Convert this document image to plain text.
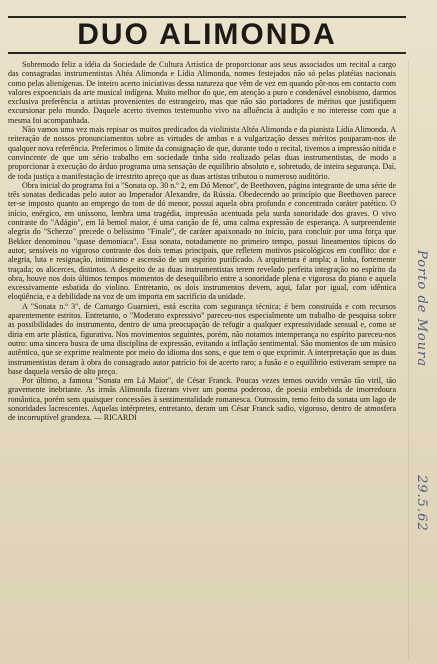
DUO ALIMONDA

Sobremodo feliz a idéia da Sociedade de Cultura Artística de proporcionar aos seus associados um recital a cargo das consagradas instrumentistas Altéa Alimonda e Lídia Alimonda, nomes festejados não só pelas platéias nacionais como pelas alienígenas. De inteiro acerto iniciativas dessa natureza que vêm de vez em quando pôr-nos em contacto com valores expoenciais da arte musical indígena. Muito melhor do que, em atenção a puro e condenável esnobismo, darmos exclusiva preferência a artistas provenientes do estrangeiro, mas que não são portadores de méritos que justifiquem excursionar pelo mundo. Daquele acerto tivemos testemunho vivo na afluência à audição e no interesse com que a mesma foi acompanhada.

Não vamos uma vez mais repisar os muitos predicados da violinista Altéa Alimonda e da pianista Lídia Alimonda. A reiteração de nossos pronunciamentos sobre as virtudes de ambas e a vulgarização desses méritos pouparam-nos de qualquer nova referência. Preferimos o limite da consignação de que, durante todo o recital, tivemos a impressão nítida e convincente de que um sério trabalho em sociedade tinha sido realizado pelas duas instrumentistas, de modo a proporcionar à execução do árduo programa uma sensação de equilíbrio absoluto e, sobretudo, de inteira segurança. Daí, de toda justiça a manifestação de irrestrito apreço que as duas artistas tributou o numeroso auditório.

Obra inicial do programa foi a "Sonata op. 30 n.º 2, em Dó Menor", de Beethoven, página integrante de uma série de três sonatas dedicadas pelo autor ao Imperador Alexandre, da Rússia. Obedecendo ao princípio que Beethoven parece ter-se imposto quanto ao emprego do tom de dó menor, possui aquela obra profundo e concentrado caráter patético. O início, enérgico, em uníssono, lembra uma tragédia, impressão acentuada pela surda sonoridade dos graves. O vivo contraste do "Adágio", em lá bemol maior, é uma canção de fé, uma calma expressão de esperança. A surpreendente alegria do "Scherzo" precede o belíssimo "Finale", de caráter apaixonado no início, para concluir por uma força que Bekker denominou "quase demoníaca". Essa sonata, notadamente no primeiro tempo, possui lineamentos típicos do autor, sensíveis no vigoroso contraste dos dois temas principais, que refletem motivos psicológicos em conflito: dor e alegria, luta e resignação, intimismo e ascensão de um espírito purificado. A arquitetura é ampla; a linha, fortemente traçada; os alicerces, distintos. A despeito de as duas instrumentistas terem revelado perfeita integração no espírito da obra, houve nos dois últimos tempos momentos de desequilíbrio entre a sonoridade plena e vigorosa do piano e aquela excessivamente esbatida do violino. Entretanto, os dois instrumentos devem, aqui, falar por igual, com idêntica eloqüência, e a debilidade na voz de um importa em sacrifício da unidade.

A "Sonata n.º 3", de Camargo Guarnieri, está escrita com segurança técnica; é bem construída e com recursos aparentemente estritos. Entretanto, o "Moderato expressivo" pareceu-nos especialmente um trabalho de pesquisa sobre as possibilidades do instrumento, dentro de uma preocupação de refugir a qualquer expressividade sensual e, como se diria em arte plástica, figurativa. Nos movimentos seguintes, porém, não notamos intemperança no espírito pareceu-nos outro: uma sincera busca de uma disciplina de expressão, evitando a inflação sentimental. São momentos de um músico autêntico, que se exprime realmente por meio do idioma dos sons, e que tem o que exprimir. A interpretação que as duas instrumentistas deram à obra do consagrado autor patrício foi de acerto raro; a fusão e o equilíbrio estiveram sempre na base daquela versão de alto preço.

Por último, a famosa "Sonata em Lá Maior", de César Franck. Poucas vezes temos ouvido versão tão viril, tão gravemente inebriante. As irmãs Alimonda fizeram viver um poema poderoso, de poesia embebida de imorredoura romântica, porém sem quaisquer concessões à sentimentalidade romanesca. Outrossim, temo feito da sonata um lago de sonoridades lacrescentes. Aquelas intérpretes, entretanto, deram um César Franck sadio, vigoroso, dentro de atmosfera de incorruptível grandeza. — RICARDI

Porto de Moura
29.5.62
